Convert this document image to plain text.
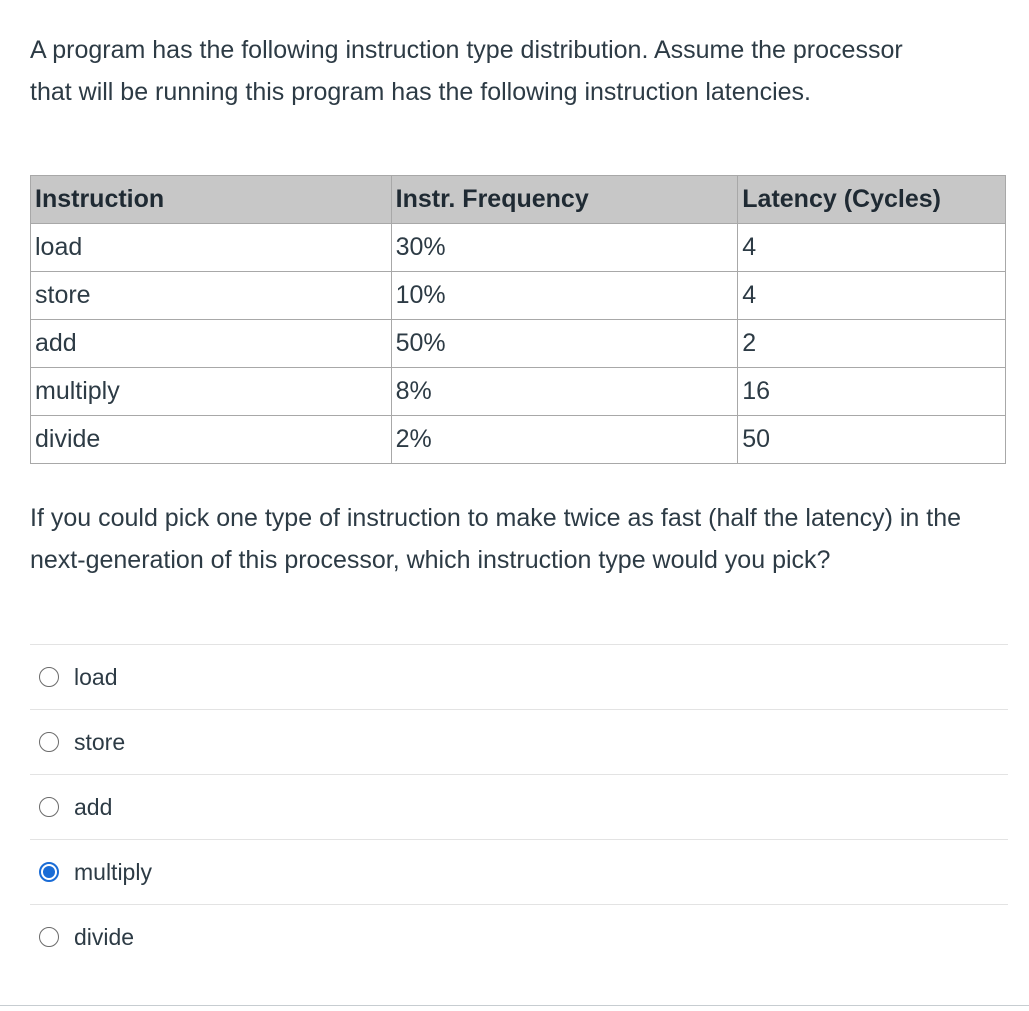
A program has the following instruction type distribution. Assume the processor that will be running this program has the following instruction latencies.

Instruction	Instr. Frequency	Latency (Cycles)
load	30%	4
store	10%	4
add	50%	2
multiply	8%	16
divide	2%	50

If you could pick one type of instruction to make twice as fast (half the latency) in the next-generation of this processor, which instruction type would you pick?

load
store
add
multiply
divide
